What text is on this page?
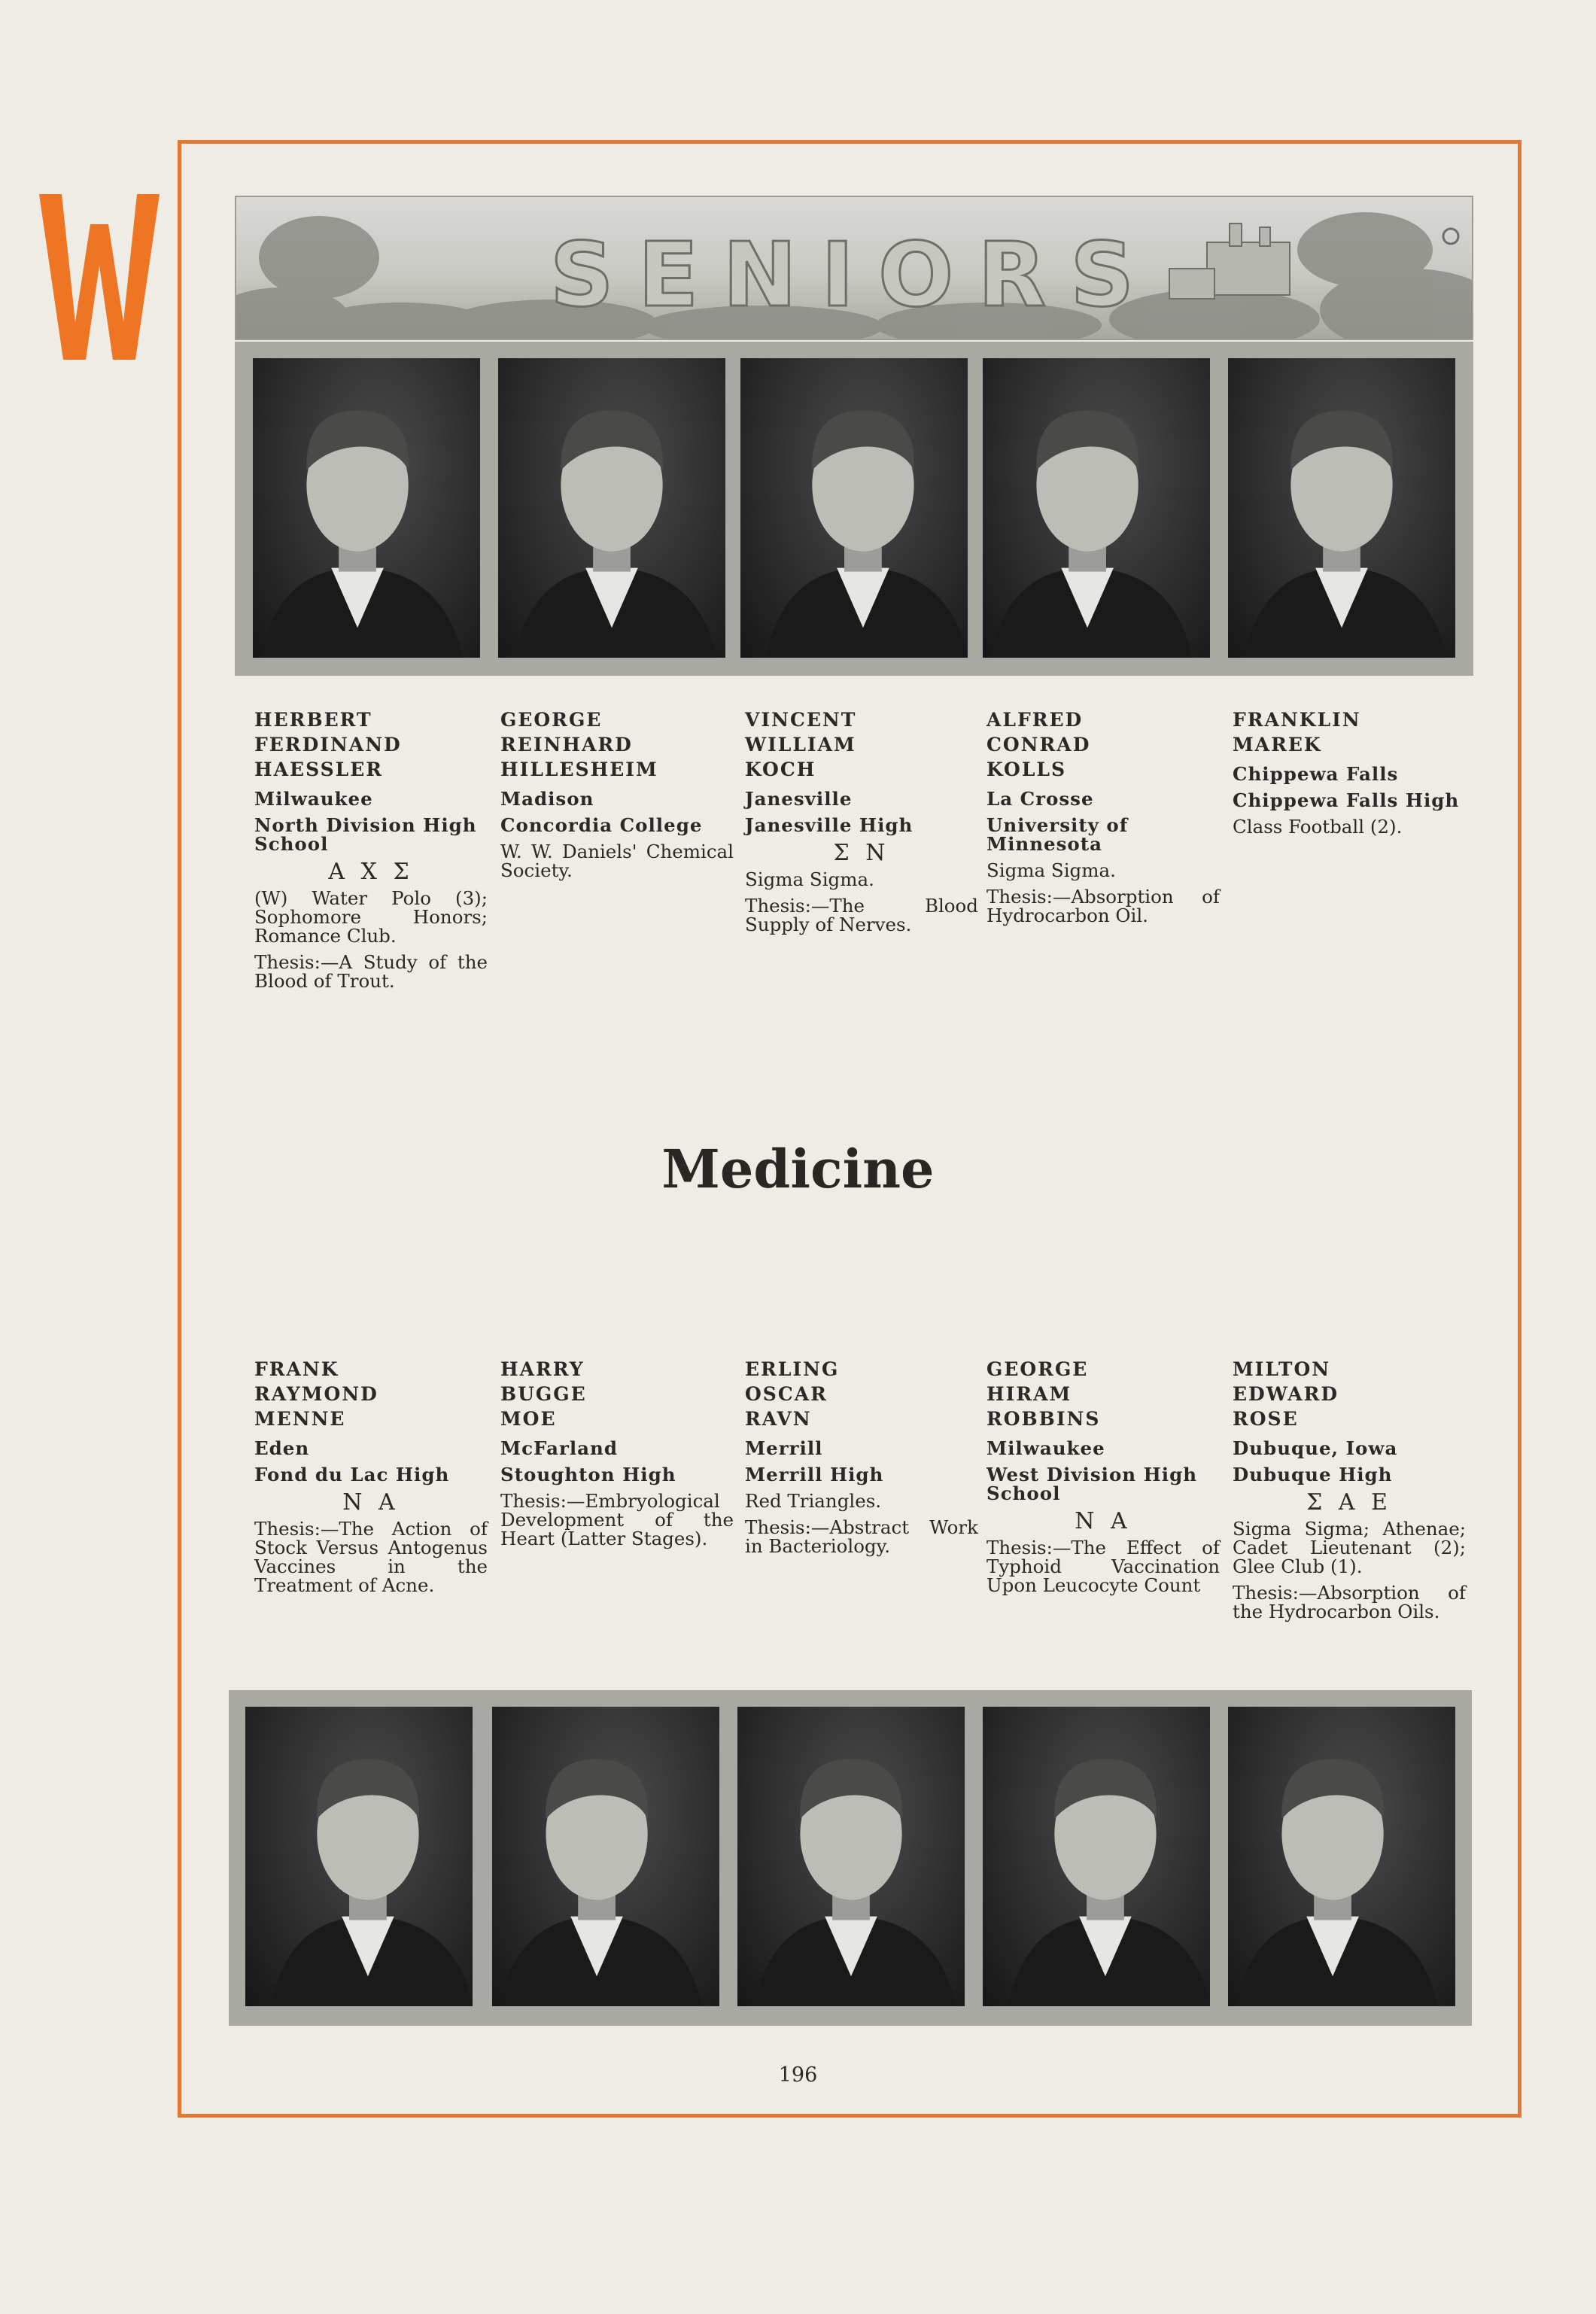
SENIORS
HERBERT
FERDINAND
HAESSLER
Milwaukee
North Division High School
Α Χ Σ
(W) Water Polo (3); Sophomore Honors; Romance Club.
Thesis:—A Study of the Blood of Trout.
GEORGE
REINHARD
HILLESHEIM
Madison
Concordia College
W. W. Daniels' Chemical Society.
VINCENT
WILLIAM
KOCH
Janesville
Janesville High
Σ Ν
Sigma Sigma.
Thesis:—The Blood Supply of Nerves.
ALFRED
CONRAD
KOLLS
La Crosse
University of Minnesota
Sigma Sigma.
Thesis:—Absorption of Hydrocarbon Oil.
FRANKLIN
MAREK
Chippewa Falls
Chippewa Falls High
Class Football (2).
Medicine
FRANK
RAYMOND
MENNE
Eden
Fond du Lac High
Ν Α
Thesis:—The Action of Stock Versus Antogenus Vaccines in the Treatment of Acne.
HARRY
BUGGE
MOE
McFarland
Stoughton High
Thesis:—Embryological Development of the Heart (Latter Stages).
ERLING
OSCAR
RAVN
Merrill
Merrill High
Red Triangles.
Thesis:—Abstract Work in Bacteriology.
GEORGE
HIRAM
ROBBINS
Milwaukee
West Division High School
Ν Α
Thesis:—The Effect of Typhoid Vaccination Upon Leucocyte Count
MILTON
EDWARD
ROSE
Dubuque, Iowa
Dubuque High
Σ Α Ε
Sigma Sigma; Athenae; Cadet Lieutenant (2); Glee Club (1).
Thesis:—Absorption of the Hydrocarbon Oils.
196
